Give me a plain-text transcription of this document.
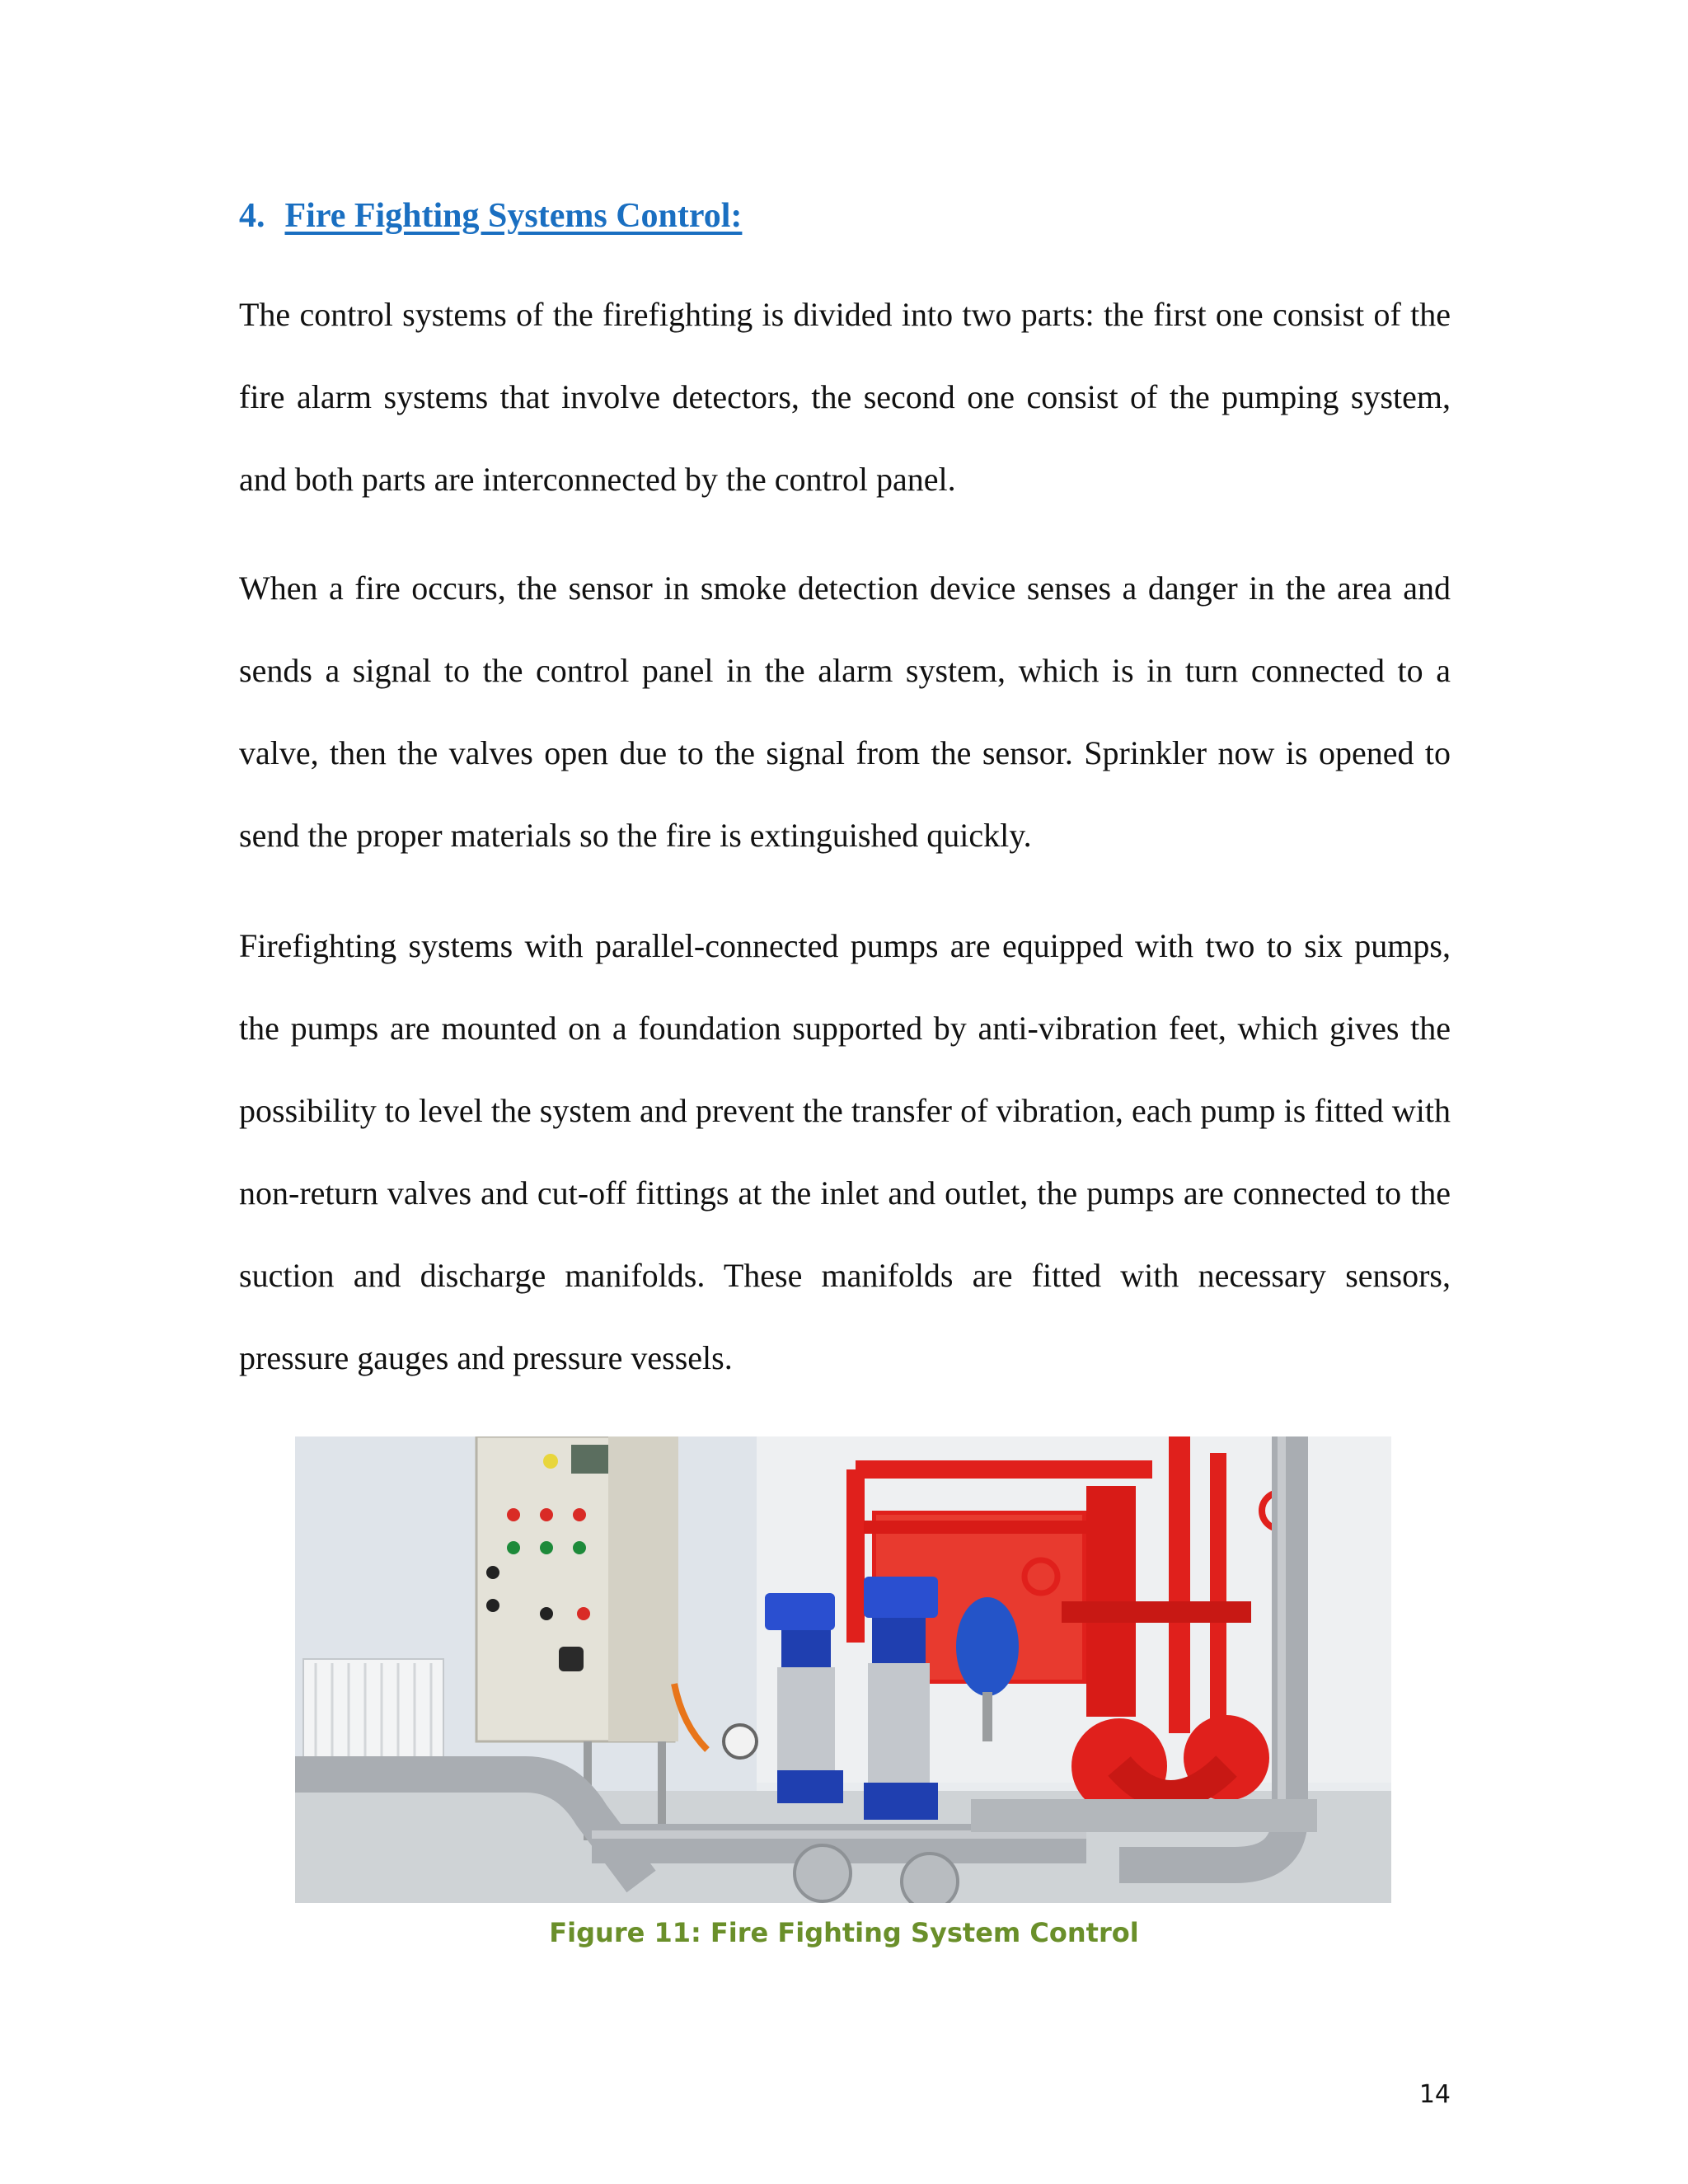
4. Fire Fighting Systems Control:

The control systems of the firefighting is divided into two parts: the first one consist of the fire alarm systems that involve detectors, the second one consist of the pumping system, and both parts are interconnected by the control panel.

When a fire occurs, the sensor in smoke detection device senses a danger in the area and sends a signal to the control panel in the alarm system, which is in turn connected to a valve, then the valves open due to the signal from the sensor. Sprinkler now is opened to send the proper materials so the fire is extinguished quickly.

Firefighting systems with parallel-connected pumps are equipped with two to six pumps, the pumps are mounted on a foundation supported by anti-vibration feet, which gives the possibility to level the system and prevent the transfer of vibration, each pump is fitted with non-return valves and cut-off fittings at the inlet and outlet, the pumps are connected to the suction and discharge manifolds. These manifolds are fitted with necessary sensors, pressure gauges and pressure vessels.

Figure 11: Fire Fighting System Control
14
